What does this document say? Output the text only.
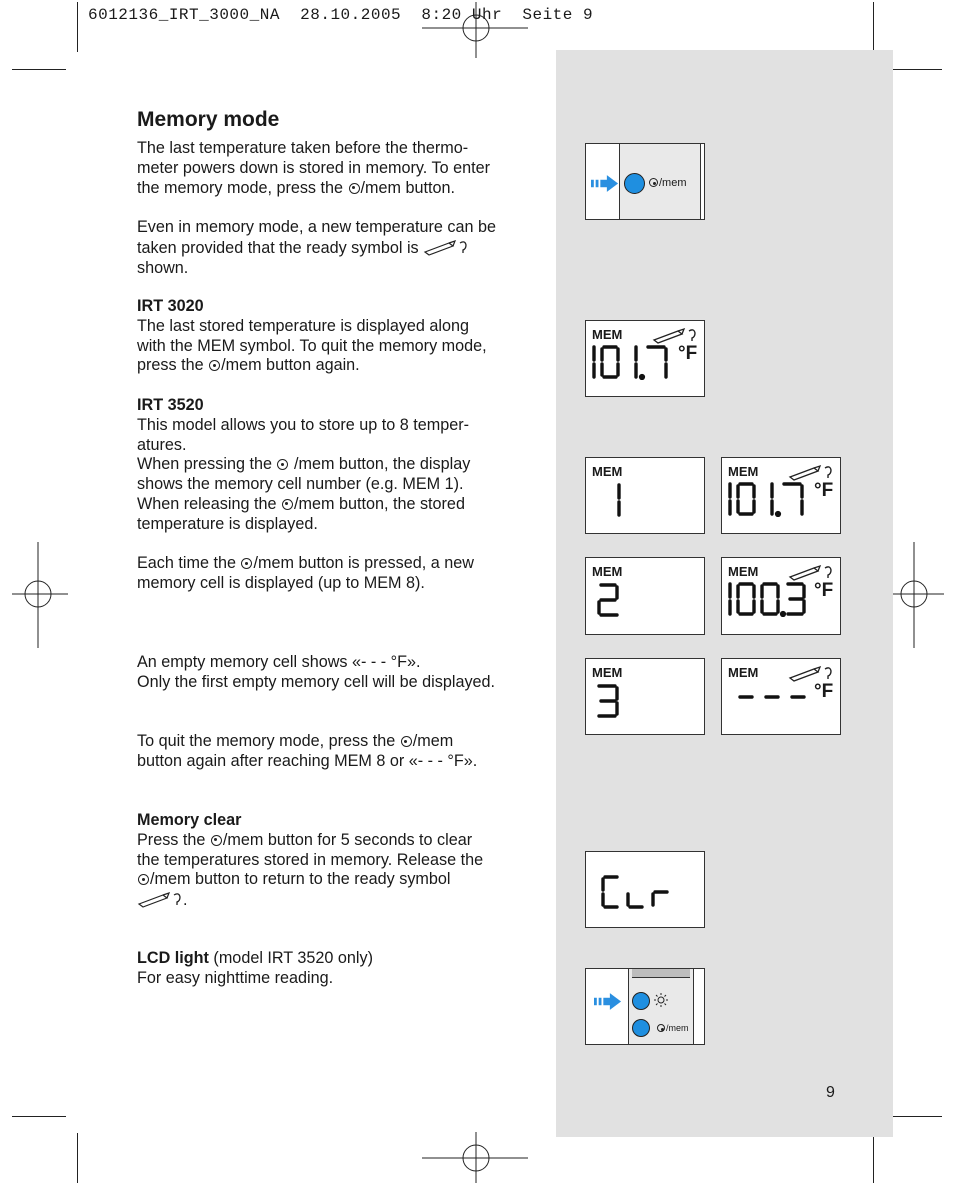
6012136_IRT_3000_NA 28.10.2005 8:20 Uhr Seite 9
Memory mode
The last temperature taken before the thermo-
meter powers down is stored in memory. To enter
the memory mode, press the /mem button.
Even in memory mode, a new temperature can be
taken provided that the ready symbol is
shown.
IRT 3020
The last stored temperature is displayed along
with the MEM symbol. To quit the memory mode,
press the /mem button again.
IRT 3520
This model allows you to store up to 8 temper-
atures.
When pressing the  /mem button, the display
shows the memory cell number (e.g. MEM 1).
When releasing the /mem button, the stored
temperature is displayed.
Each time the /mem button is pressed, a new
memory cell is displayed (up to MEM 8).
An empty memory cell shows «- - - °F».
Only the first empty memory cell will be displayed.
To quit the memory mode, press the /mem
button again after reaching MEM 8 or «- - - °F».
Memory clear
Press the /mem button for 5 seconds to clear
the temperatures stored in memory. Release the
/mem button to return to the ready symbol
.
LCD light (model IRT 3520 only)
For easy nighttime reading.
/mem
MEM
°F
MEM	MEM
°F
MEM	MEM
°F
MEM	MEM
°F
/mem
9
